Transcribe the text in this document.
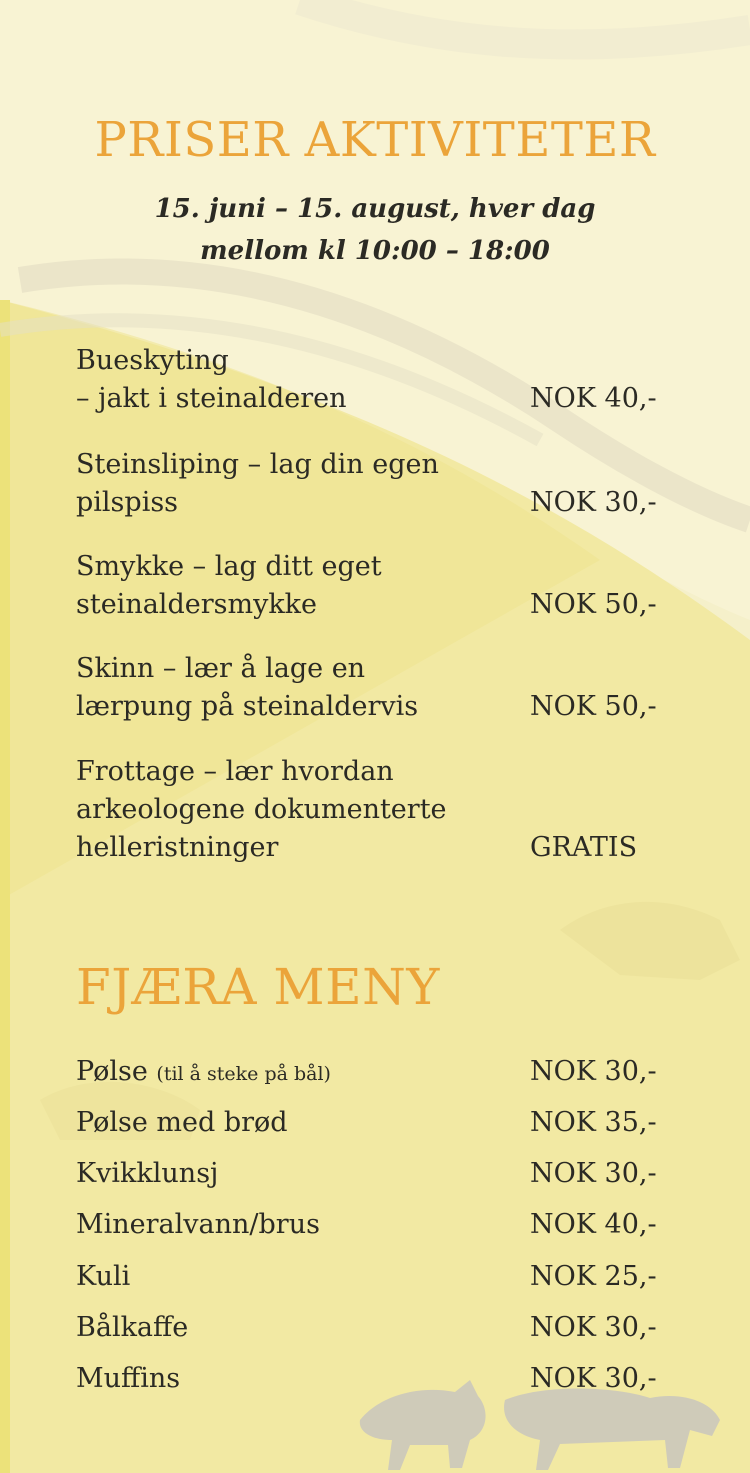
PRISER AKTIVITETER
15. juni – 15. august, hver dag
mellom kl 10:00 – 18:00
Bueskyting
– jakt i steinalderen	NOK 40,-
Steinsliping – lag din egen
pilspiss	NOK 30,-
Smykke – lag ditt eget
steinaldersmykke	NOK 50,-
Skinn – lær å lage en
lærpung på steinaldervis	NOK 50,-
Frottage – lær hvordan
arkeologene dokumenterte
helleristninger	GRATIS
FJÆRA MENY
Pølse (til å steke på bål)	NOK 30,-
Pølse med brød	NOK 35,-
Kvikklunsj	NOK 30,-
Mineralvann/brus	NOK 40,-
Kuli	NOK 25,-
Bålkaffe	NOK 30,-
Muffins	NOK 30,-
